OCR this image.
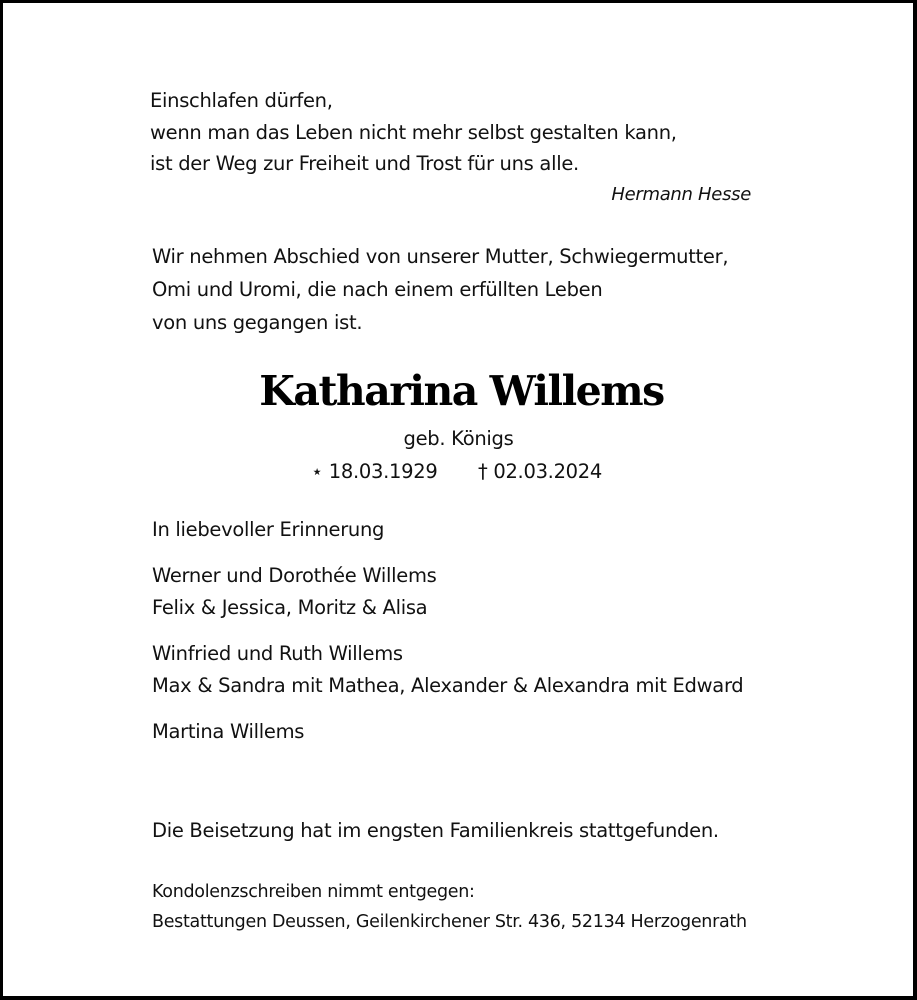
Einschlafen dürfen,
wenn man das Leben nicht mehr selbst gestalten kann,
ist der Weg zur Freiheit und Trost für uns alle.
Hermann Hesse
Wir nehmen Abschied von unserer Mutter, Schwiegermutter,
Omi und Uromi, die nach einem erfüllten Leben
von uns gegangen ist.
Katharina Willems
geb. Königs
⋆ 18.03.1929 † 02.03.2024
In liebevoller Erinnerung
Werner und Dorothée Willems
Felix & Jessica, Moritz & Alisa
Winfried und Ruth Willems
Max & Sandra mit Mathea, Alexander & Alexandra mit Edward
Martina Willems
Die Beisetzung hat im engsten Familienkreis stattgefunden.
Kondolenzschreiben nimmt entgegen:
Bestattungen Deussen, Geilenkirchener Str. 436, 52134 Herzogenrath
